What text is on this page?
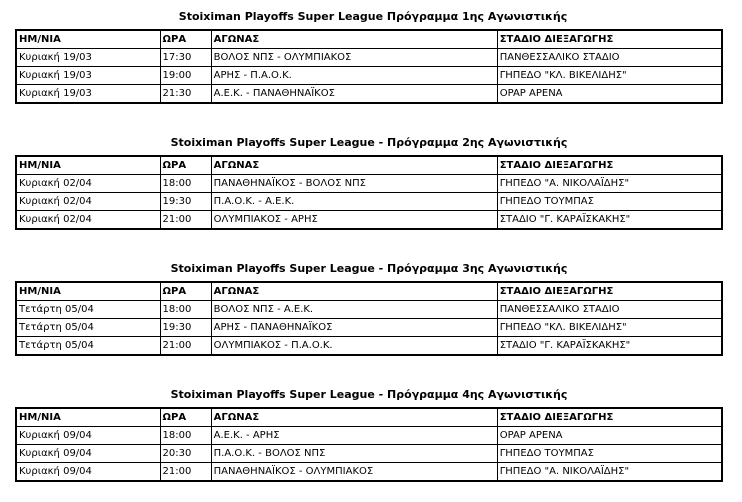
Stoiximan Playoffs Super League Πρόγραμμα 1ης Αγωνιστικής
ΗΜ/ΝΙΑ	ΩΡΑ	ΑΓΩΝΑΣ	ΣΤΑΔΙΟ ΔΙΕΞΑΓΩΓΗΣ
Κυριακή 19/03	17:30	ΒΟΛΟΣ ΝΠΣ - ΟΛΥΜΠΙΑΚΟΣ	ΠΑΝΘΕΣΣΑΛΙΚΟ ΣΤΑΔΙΟ
Κυριακή 19/03	19:00	ΑΡΗΣ - Π.Α.Ο.Κ.	ΓΗΠΕΔΟ "ΚΛ. ΒΙΚΕΛΙΔΗΣ"
Κυριακή 19/03	21:30	Α.Ε.Κ. - ΠΑΝΑΘΗΝΑΪΚΟΣ	OPAP ΑΡΕΝΑ
Stoiximan Playoffs Super League - Πρόγραμμα 2ης Αγωνιστικής
ΗΜ/ΝΙΑ	ΩΡΑ	ΑΓΩΝΑΣ	ΣΤΑΔΙΟ ΔΙΕΞΑΓΩΓΗΣ
Κυριακή 02/04	18:00	ΠΑΝΑΘΗΝΑΪΚΟΣ - ΒΟΛΟΣ ΝΠΣ	ΓΗΠΕΔΟ "Α. ΝΙΚΟΛΑΪΔΗΣ"
Κυριακή 02/04	19:30	Π.Α.Ο.Κ. - Α.Ε.Κ.	ΓΗΠΕΔΟ ΤΟΥΜΠΑΣ
Κυριακή 02/04	21:00	ΟΛΥΜΠΙΑΚΟΣ - ΑΡΗΣ	ΣΤΑΔΙΟ "Γ. ΚΑΡΑΪΣΚΑΚΗΣ"
Stoiximan Playoffs Super League - Πρόγραμμα 3ης Αγωνιστικής
ΗΜ/ΝΙΑ	ΩΡΑ	ΑΓΩΝΑΣ	ΣΤΑΔΙΟ ΔΙΕΞΑΓΩΓΗΣ
Τετάρτη 05/04	18:00	ΒΟΛΟΣ ΝΠΣ - Α.Ε.Κ.	ΠΑΝΘΕΣΣΑΛΙΚΟ ΣΤΑΔΙΟ
Τετάρτη 05/04	19:30	ΑΡΗΣ - ΠΑΝΑΘΗΝΑΪΚΟΣ	ΓΗΠΕΔΟ "ΚΛ. ΒΙΚΕΛΙΔΗΣ"
Τετάρτη 05/04	21:00	ΟΛΥΜΠΙΑΚΟΣ - Π.Α.Ο.Κ.	ΣΤΑΔΙΟ "Γ. ΚΑΡΑΪΣΚΑΚΗΣ"
Stoiximan Playoffs Super League - Πρόγραμμα 4ης Αγωνιστικής
ΗΜ/ΝΙΑ	ΩΡΑ	ΑΓΩΝΑΣ	ΣΤΑΔΙΟ ΔΙΕΞΑΓΩΓΗΣ
Κυριακή 09/04	18:00	Α.Ε.Κ. - ΑΡΗΣ	OPAP ΑΡΕΝΑ
Κυριακή 09/04	20:30	Π.Α.Ο.Κ. - ΒΟΛΟΣ ΝΠΣ	ΓΗΠΕΔΟ ΤΟΥΜΠΑΣ
Κυριακή 09/04	21:00	ΠΑΝΑΘΗΝΑΪΚΟΣ - ΟΛΥΜΠΙΑΚΟΣ	ΓΗΠΕΔΟ "Α. ΝΙΚΟΛΑΪΔΗΣ"
